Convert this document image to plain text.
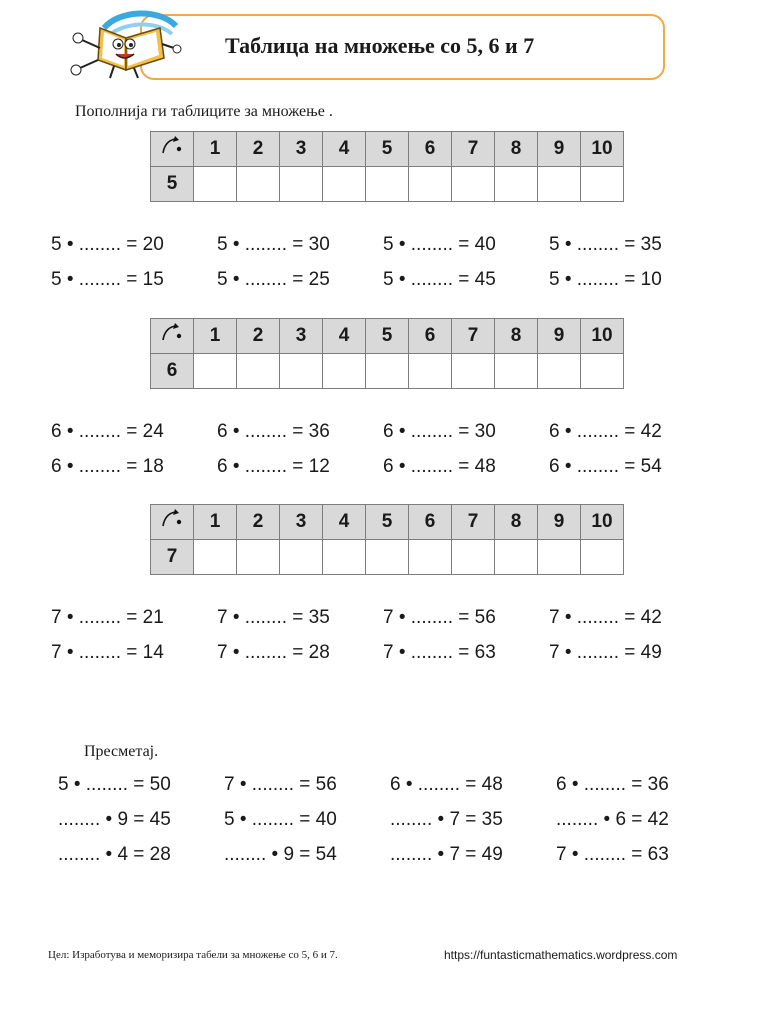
Таблица на множење со 5, 6 и 7
Пополнија ги таблиците за множење .
	1	2	3	4	5	6	7	8	9	10
5										
5 • ........ = 20	5 • ........ = 30	5 • ........ = 40	5 • ........ = 35
5 • ........ = 15	5 • ........ = 25	5 • ........ = 45	5 • ........ = 10
	1	2	3	4	5	6	7	8	9	10
6										
6 • ........ = 24	6 • ........ = 36	6 • ........ = 30	6 • ........ = 42
6 • ........ = 18	6 • ........ = 12	6 • ........ = 48	6 • ........ = 54
	1	2	3	4	5	6	7	8	9	10
7										
7 • ........ = 21	7 • ........ = 35	7 • ........ = 56	7 • ........ = 42
7 • ........ = 14	7 • ........ = 28	7 • ........ = 63	7 • ........ = 49
Пресметај.
5 • ........ = 50	7 • ........ = 56	6 • ........ = 48	6 • ........ = 36
........ • 9 = 45	5 • ........ = 40	........ • 7 = 35	........ • 6 = 42
........ • 4 = 28	........ • 9 = 54	........ • 7 = 49	7 • ........ = 63
Цел: Изработува и меморизира табели за множење со 5, 6 и 7.	https://funtasticmathematics.wordpress.com
